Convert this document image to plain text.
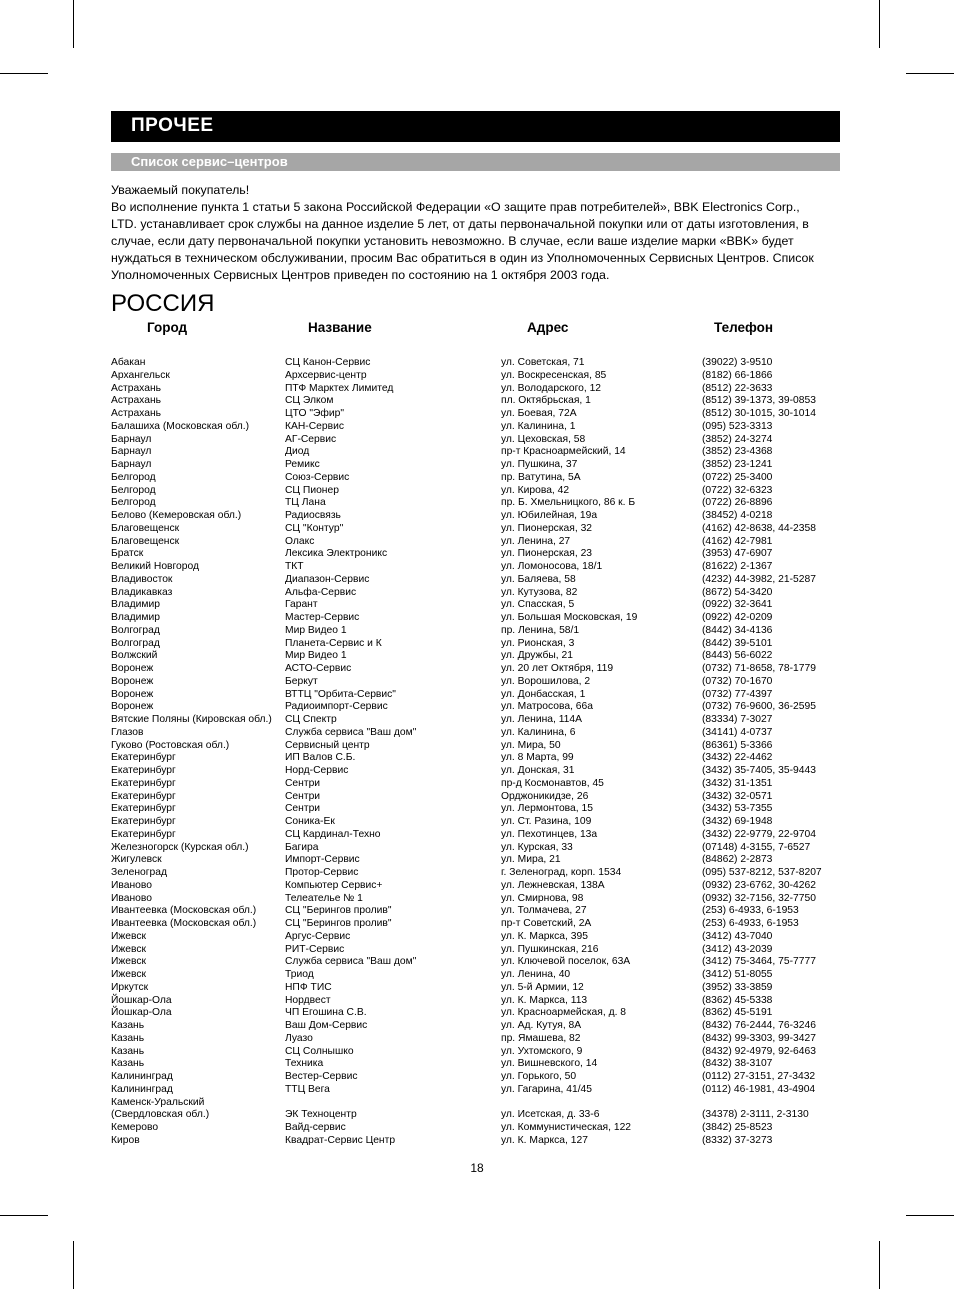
ПРОЧЕЕ
Список сервис–центров
Уважаемый покупатель!
Во исполнение пункта 1 статьи 5 закона Российской Федерации «О защите прав потребителей», BBK Electronics Corp.,
LTD. устанавливает срок службы на данное изделие 5 лет, от даты первоначальной покупки или от даты изготовления, в
случае, если дату первоначальной покупки установить невозможно. В случае, если ваше изделие марки «BBK» будет
нуждаться в техническом обслуживании, просим Вас обратиться в один из Уполномоченных Сервисных Центров. Список
Уполномоченных Сервисных Центров приведен по состоянию на 1 октября 2003 года.
РОССИЯ
Город	Название	Адрес	Телефон
Абакан	СЦ Канон-Сервис	ул. Советская, 71	(39022) 3-9510
Архангельск	Архсервис-центр	ул. Воскресенская, 85	(8182) 66-1866
Астрахань	ПТФ Марктех Лимитед	ул. Володарского, 12	(8512) 22-3633
Астрахань	СЦ Элком	пл. Октябрьская, 1	(8512) 39-1373, 39-0853
Астрахань	ЦТО "Эфир"	ул. Боевая, 72А	(8512) 30-1015, 30-1014
Балашиха (Московская обл.)	КАН-Сервис	ул. Калинина, 1	(095) 523-3313
Барнаул	АГ-Сервис	ул. Цеховская, 58	(3852) 24-3274
Барнаул	Диод	пр-т Красноармейский, 14	(3852) 23-4368
Барнаул	Ремикс	ул. Пушкина, 37	(3852) 23-1241
Белгород	Союз-Сервис	пр. Ватутина, 5А	(0722) 25-3400
Белгород	СЦ Пионер	ул. Кирова, 42	(0722) 32-6323
Белгород	ТЦ Лана	пр. Б. Хмельницкого, 86 к. Б	(0722) 26-8896
Белово (Кемеровская обл.)	Радиосвязь	ул. Юбилейная, 19а	(38452) 4-0218
Благовещенск	СЦ "Контур"	ул. Пионерская, 32	(4162) 42-8638, 44-2358
Благовещенск	Олакс	ул. Ленина, 27	(4162) 42-7981
Братск	Лексика Электроникс	ул. Пионерская, 23	(3953) 47-6907
Великий Новгород	ТКТ	ул. Ломоносова, 18/1	(81622) 2-1367
Владивосток	Диапазон-Сервис	ул. Баляева, 58	(4232) 44-3982, 21-5287
Владикавказ	Альфа-Сервис	ул. Кутузова, 82	(8672) 54-3420
Владимир	Гарант	ул. Спасская, 5	(0922) 32-3641
Владимир	Мастер-Сервис	ул. Большая Московская, 19	(0922) 42-0209
Волгоград	Мир Видео 1	пр. Ленина, 58/1	(8442) 34-4136
Волгоград	Планета-Сервис и К	ул. Рионская, 3	(8442) 39-5101
Волжский	Мир Видео 1	ул. Дружбы, 21	(8443) 56-6022
Воронеж	АСТО-Сервис	ул. 20 лет Октября, 119	(0732) 71-8658, 78-1779
Воронеж	Беркут	ул. Ворошилова, 2	(0732) 70-1670
Воронеж	ВТТЦ "Орбита-Сервис"	ул. Донбасская, 1	(0732) 77-4397
Воронеж	Радиоимпорт-Сервис	ул. Матросова, 66а	(0732) 76-9600, 36-2595
Вятские Поляны (Кировская обл.) СЦ Спектр	ул. Ленина, 114А	(83334) 7-3027
Глазов	Служба сервиса "Ваш дом"	ул. Калинина, 6	(34141) 4-0737
Гуково (Ростовская обл.)	Сервисный центр	ул. Мира, 50	(86361) 5-3366
Екатеринбург	ИП Валов С.Б.	ул. 8 Марта, 99	(3432) 22-4462
Екатеринбург	Норд-Сервис	ул. Донская, 31	(3432) 35-7405, 35-9443
Екатеринбург	Сентри	пр-д Космонавтов, 45	(3432) 31-1351
Екатеринбург	Сентри	Орджоникидзе, 26	(3432) 32-0571
Екатеринбург	Сентри	ул. Лермонтова, 15	(3432) 53-7355
Екатеринбург	Соника-Ек	ул. Ст. Разина, 109	(3432) 69-1948
Екатеринбург	СЦ Кардинал-Техно	ул. Пехотинцев, 13а	(3432) 22-9779, 22-9704
Железногорск (Курская обл.)	Багира	ул. Курская, 33	(07148) 4-3155, 7-6527
Жигулевск	Импорт-Сервис	ул. Мира, 21	(84862) 2-2873
Зеленоград	Протор-Сервис	г. Зеленоград, корп. 1534	(095) 537-8212, 537-8207
Иваново	Компьютер Сервис+	ул. Лежневская, 138А	(0932) 23-6762, 30-4262
Иваново	Телеателье № 1	ул. Смирнова, 98	(0932) 32-7156, 32-7750
Ивантеевка (Московская обл.)	СЦ "Берингов пролив"	ул. Толмачева, 27	(253) 6-4933, 6-1953
Ивантеевка (Московская обл.)	СЦ "Берингов пролив"	пр-т Советский, 2А	(253) 6-4933, 6-1953
Ижевск	Аргус-Сервис	ул. К. Маркса, 395	(3412) 43-7040
Ижевск	РИТ-Сервис	ул. Пушкинская, 216	(3412) 43-2039
Ижевск	Служба сервиса "Ваш дом"	ул. Ключевой поселок, 63А	(3412) 75-3464, 75-7777
Ижевск	Триод	ул. Ленина, 40	(3412) 51-8055
Иркутск	НПФ ТИС	ул. 5-й Армии, 12	(3952) 33-3859
Йошкар-Ола	Нордвест	ул. К. Маркса, 113	(8362) 45-5338
Йошкар-Ола	ЧП Егошина С.В.	ул. Красноармейская, д. 8	(8362) 45-5191
Казань	Ваш Дом-Сервис	ул. Ад. Кутуя, 8А	(8432) 76-2444, 76-3246
Казань	Луазо	пр. Ямашева, 82	(8432) 99-3303, 99-3427
Казань	СЦ Солнышко	ул. Ухтомского, 9	(8432) 92-4979, 92-6463
Казань	Техника	ул. Вишневского, 14	(8432) 38-3107
Калининград	Вестер-Сервис	ул. Горького, 50	(0112) 27-3151, 27-3432
Калининград	ТТЦ Вега	ул. Гагарина, 41/45	(0112) 46-1981, 43-4904
Каменск-Уральский
(Свердловская обл.)	ЭК Техноцентр	ул. Исетская, д. 33-6	(34378) 2-3111, 2-3130
Кемерово	Вайд-сервис	ул. Коммунистическая, 122	(3842) 25-8523
Киров	Квадрат-Сервис Центр	ул. К. Маркса, 127	(8332) 37-3273
18
